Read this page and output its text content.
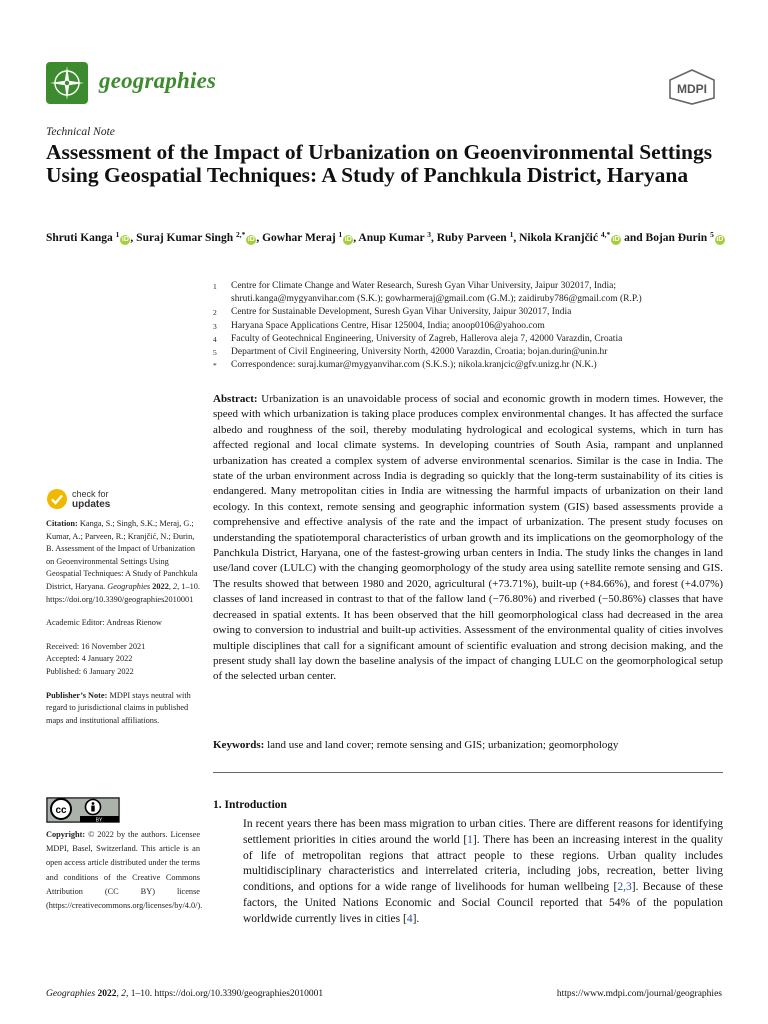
geographies	MDPI
Technical Note
Assessment of the Impact of Urbanization on Geoenvironmental Settings Using Geospatial Techniques: A Study of Panchkula District, Haryana
Shruti Kanga $^1$iD , Suraj Kumar Singh $^{2,*}$iD , Gowhar Meraj $^1$iD , Anup Kumar $^3$, Ruby Parveen $^1$, Nikola Kranjčić $^{4,*}$iD and Bojan Đurin $^5$iD
1	Centre for Climate Change and Water Research, Suresh Gyan Vihar University, Jaipur 302017, India; shruti.kanga@mygyanvihar.com (S.K.); gowharmeraj@gmail.com (G.M.); zaidiruby786@gmail.com (R.P.)
2	Centre for Sustainable Development, Suresh Gyan Vihar University, Jaipur 302017, India
3	Haryana Space Applications Centre, Hisar 125004, India; anoop0106@yahoo.com
4	Faculty of Geotechnical Engineering, University of Zagreb, Hallerova aleja 7, 42000 Varazdin, Croatia
5	Department of Civil Engineering, University North, 42000 Varazdin, Croatia; bojan.durin@unin.hr
*	Correspondence: suraj.kumar@mygyanvihar.com (S.K.S.); nikola.kranjcic@gfv.unizg.hr (N.K.)
Abstract: Urbanization is an unavoidable process of social and economic growth in modern times. However, the speed with which urbanization is taking place produces complex environmental changes. It has affected the surface albedo and roughness of the soil, thereby modulating hydrological and ecological systems, which in turn has affected regional and local climate systems. In developing countries of South Asia, rampant and unplanned urbanization has created a complex system of adverse environmental scenarios. Similar is the case in India. The state of the urban environment across India is degrading so quickly that the long-term sustainability of its cities is endangered. Many metropolitan cities in India are witnessing the harmful impacts of urbanization on their land ecology. In this context, remote sensing and geographic information system (GIS) based assessments provide a comprehensive and effective analysis of the rate and the impact of urbanization. The present study focuses on understanding the spatiotemporal characteristics of urban growth and its implications on the geomorphology of the Panchkula District, Haryana, one of the fastest-growing urban centers in India. The study links the changes in land use/land cover (LULC) with the changing geomorphology of the study area using satellite remote sensing and GIS. The results showed that between 1980 and 2020, agricultural (+73.71%), built-up (+84.66%), and forest (+4.07%) classes of land increased in contrast to that of the fallow land (−76.80%) and riverbed (−50.86%) classes that have decreased in spatial extents. It has been observed that the hill geomorphological class had decreased in the area owing to conversion to industrial and built-up activities. Assessment of the environmental quality of cities involves multiple disciplines that call for a significant amount of scientific evaluation and strong decision making, and the present study shall lay down the baseline analysis of the impact of changing LULC on the geomorphological setup of the selected urban center.
Keywords: land use and land cover; remote sensing and GIS; urbanization; geomorphology
1. Introduction
In recent years there has been mass migration to urban cities. There are different reasons for identifying settlement priorities in cities around the world [1]. There has been an increasing interest in the quality of life of metropolitan regions that attract people to these regions. Urban quality includes multidisciplinary characteristics and interrelated criteria, including jobs, recreation, better living conditions, and options for a wide range of livelihoods for human wellbeing [2,3]. Because of these factors, the United Nations Economic and Social Council reported that 54% of the population worldwide currently lives in cities [4].
check for
updates

Citation: Kanga, S.; Singh, S.K.; Meraj, G.; Kumar, A.; Parveen, R.; Kranjčić, N.; Đurin, B. Assessment of the Impact of Urbanization on Geoenvironmental Settings Using Geospatial Techniques: A Study of Panchkula District, Haryana. Geographies 2022, 2, 1–10. https://doi.org/10.3390/geographies2010001

Academic Editor: Andreas Rienow

Received: 16 November 2021
Accepted: 4 January 2022
Published: 6 January 2022

Publisher’s Note: MDPI stays neutral with regard to jurisdictional claims in published maps and institutional affiliations.

cc
BY
Copyright: © 2022 by the authors. Licensee MDPI, Basel, Switzerland. This article is an open access article distributed under the terms and conditions of the Creative Commons Attribution (CC BY) license (https://creativecommons.org/licenses/by/4.0/).
Geographies 2022, 2, 1–10. https://doi.org/10.3390/geographies2010001	https://www.mdpi.com/journal/geographies
